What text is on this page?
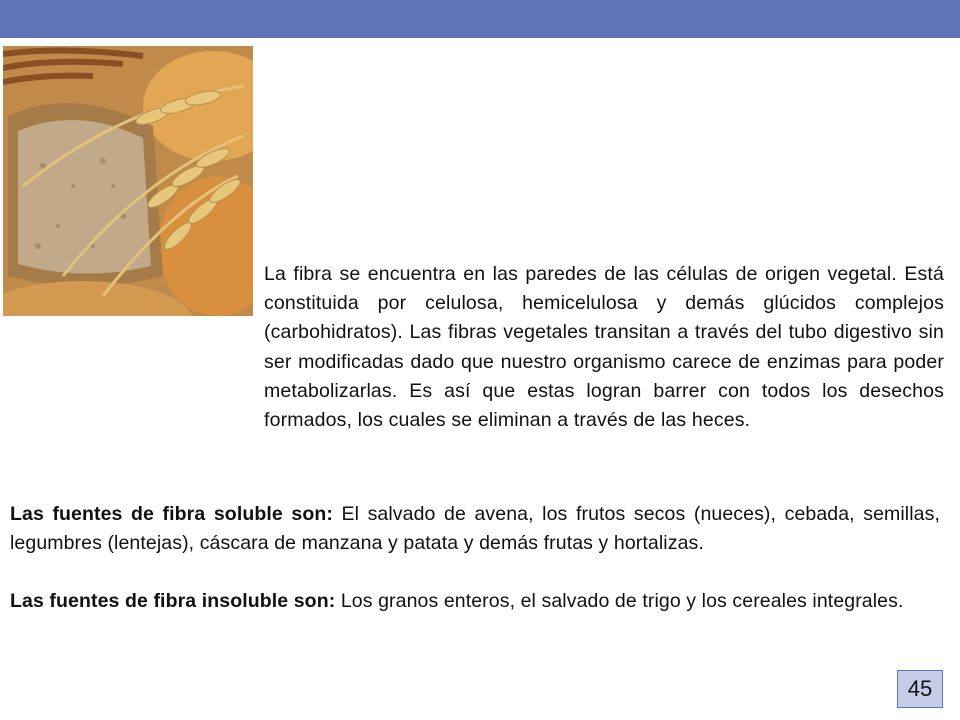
La fibra se encuentra en las paredes de las células de origen vegetal. Está constituida por celulosa, hemicelulosa y demás glúcidos complejos (carbohidratos). Las fibras vegetales transitan a través del tubo digestivo sin ser modificadas dado que nuestro organismo carece de enzimas para poder metabolizarlas. Es así que estas logran barrer con todos los desechos formados, los cuales se eliminan a través de las heces.

Las fuentes de fibra soluble son: El salvado de avena, los frutos secos (nueces), cebada, semillas, legumbres (lentejas), cáscara de manzana y patata y demás frutas y hortalizas.

Las fuentes de fibra insoluble son: Los granos enteros, el salvado de trigo y los cereales integrales.

45
